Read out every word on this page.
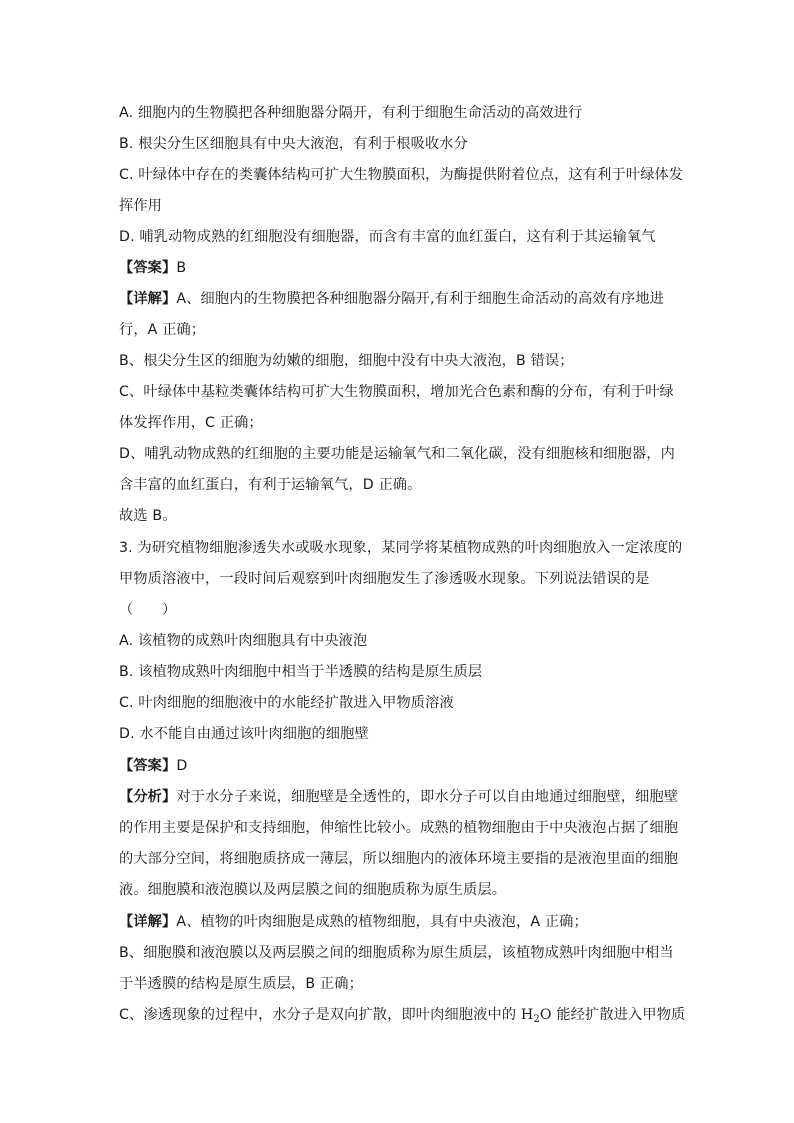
A. 细胞内的生物膜把各种细胞器分隔开，有利于细胞生命活动的高效进行
B. 根尖分生区细胞具有中央大液泡，有利于根吸收水分
C. 叶绿体中存在的类囊体结构可扩大生物膜面积，为酶提供附着位点，这有利于叶绿体发
挥作用
D. 哺乳动物成熟的红细胞没有细胞器，而含有丰富的血红蛋白，这有利于其运输氧气
【答案】B
【详解】A、细胞内的生物膜把各种细胞器分隔开,有利于细胞生命活动的高效有序地进
行，A 正确；
B、根尖分生区的细胞为幼嫩的细胞，细胞中没有中央大液泡，B 错误；
C、叶绿体中基粒类囊体结构可扩大生物膜面积，增加光合色素和酶的分布，有利于叶绿
体发挥作用，C 正确；
D、哺乳动物成熟的红细胞的主要功能是运输氧气和二氧化碳，没有细胞核和细胞器，内
含丰富的血红蛋白，有利于运输氧气，D 正确。
故选 B。
3. 为研究植物细胞渗透失水或吸水现象，某同学将某植物成熟的叶肉细胞放入一定浓度的
甲物质溶液中，一段时间后观察到叶肉细胞发生了渗透吸水现象。下列说法错误的是
（　　）
A. 该植物的成熟叶肉细胞具有中央液泡
B. 该植物成熟叶肉细胞中相当于半透膜的结构是原生质层
C. 叶肉细胞的细胞液中的水能经扩散进入甲物质溶液
D. 水不能自由通过该叶肉细胞的细胞壁
【答案】D
【分析】对于水分子来说，细胞壁是全透性的，即水分子可以自由地通过细胞壁，细胞壁
的作用主要是保护和支持细胞，伸缩性比较小。成熟的植物细胞由于中央液泡占据了细胞
的大部分空间，将细胞质挤成一薄层，所以细胞内的液体环境主要指的是液泡里面的细胞
液。细胞膜和液泡膜以及两层膜之间的细胞质称为原生质层。
【详解】A、植物的叶肉细胞是成熟的植物细胞，具有中央液泡，A 正确；
B、细胞膜和液泡膜以及两层膜之间的细胞质称为原生质层，该植物成熟叶肉细胞中相当
于半透膜的结构是原生质层，B 正确；
C、渗透现象的过程中，水分子是双向扩散，即叶肉细胞液中的 $H_2O$ 能经扩散进入甲物质
